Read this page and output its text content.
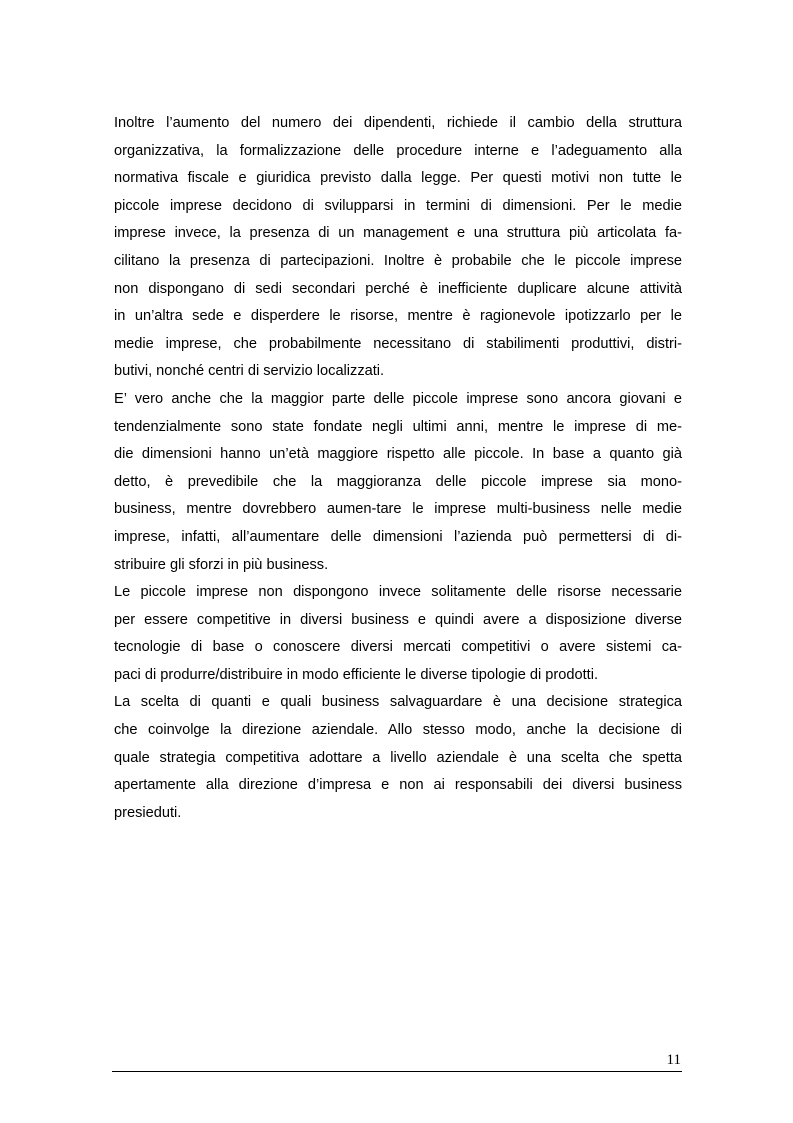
Inoltre l’aumento del numero dei dipendenti, richiede il cambio della struttura
organizzativa, la formalizzazione delle procedure interne e l’adeguamento alla
normativa fiscale e giuridica previsto dalla legge. Per questi motivi non tutte le
piccole imprese decidono di svilupparsi in termini di dimensioni. Per le medie
imprese invece, la presenza di un management e una struttura più articolata fa-
cilitano la presenza di partecipazioni. Inoltre è probabile che le piccole imprese
non dispongano di sedi secondari perché è inefficiente duplicare alcune attività
in un’altra sede e disperdere le risorse, mentre è ragionevole ipotizzarlo per le
medie imprese, che probabilmente necessitano di stabilimenti produttivi, distri-
butivi, nonché centri di servizio localizzati.
E’ vero anche che la maggior parte delle piccole imprese sono ancora giovani e
tendenzialmente sono state fondate negli ultimi anni, mentre le imprese di me-
die dimensioni hanno un’età maggiore rispetto alle piccole. In base a quanto già
detto, è prevedibile che la maggioranza delle piccole imprese sia mono-
business, mentre dovrebbero aumen-tare le imprese multi-business nelle medie
imprese, infatti, all’aumentare delle dimensioni l’azienda può permettersi di di-
stribuire gli sforzi in più business.
Le piccole imprese non dispongono invece solitamente delle risorse necessarie
per essere competitive in diversi business e quindi avere a disposizione diverse
tecnologie di base o conoscere diversi mercati competitivi o avere sistemi ca-
paci di produrre/distribuire in modo efficiente le diverse tipologie di prodotti.
La scelta di quanti e quali business salvaguardare è una decisione strategica
che coinvolge la direzione aziendale. Allo stesso modo, anche la decisione di
quale strategia competitiva adottare a livello aziendale è una scelta che spetta
apertamente alla direzione d’impresa e non ai responsabili dei diversi business
presieduti.
11
